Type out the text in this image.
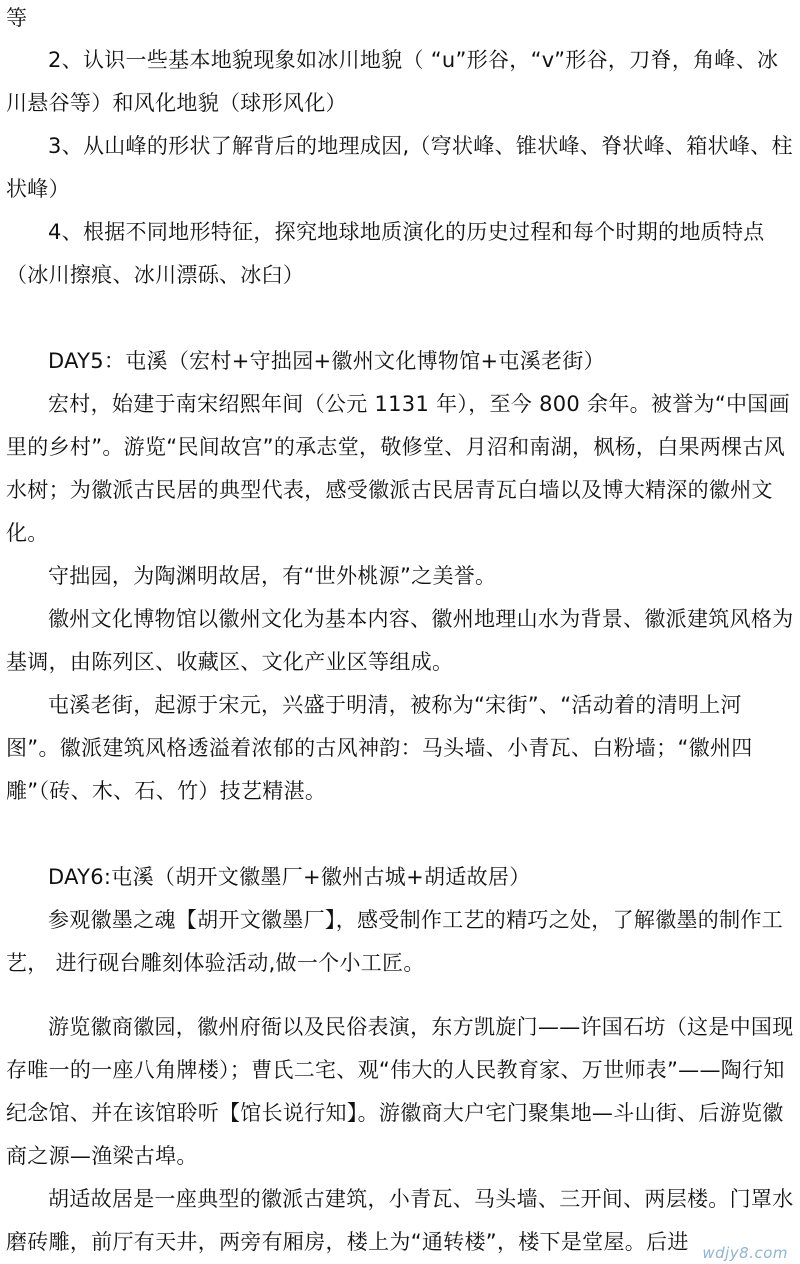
等

2、认识一些基本地貌现象如冰川地貌（ “u”形谷，“v”形谷，刀脊，角峰、冰川悬谷等）和风化地貌（球形风化）

3、从山峰的形状了解背后的地理成因,（穹状峰、锥状峰、脊状峰、箱状峰、柱状峰）

4、根据不同地形特征，探究地球地质演化的历史过程和每个时期的地质特点（冰川擦痕、冰川漂砾、冰臼）

DAY5：屯溪（宏村+守拙园+徽州文化博物馆+屯溪老街）

宏村，始建于南宋绍熙年间（公元 1131 年），至今 800 余年。被誉为“中国画里的乡村”。游览“民间故宫”的承志堂，敬修堂、月沼和南湖，枫杨，白果两棵古风水树；为徽派古民居的典型代表，感受徽派古民居青瓦白墙以及博大精深的徽州文化。

守拙园，为陶渊明故居，有“世外桃源”之美誉。

徽州文化博物馆以徽州文化为基本内容、徽州地理山水为背景、徽派建筑风格为基调，由陈列区、收藏区、文化产业区等组成。

屯溪老街，起源于宋元，兴盛于明清，被称为“宋街”、“活动着的清明上河图”。徽派建筑风格透溢着浓郁的古风神韵：马头墙、小青瓦、白粉墙；“徽州四雕”（砖、木、石、竹）技艺精湛。

DAY6:屯溪（胡开文徽墨厂+徽州古城+胡适故居）

参观徽墨之魂【胡开文徽墨厂】，感受制作工艺的精巧之处，了解徽墨的制作工艺， 进行砚台雕刻体验活动,做一个小工匠。

游览徽商徽园，徽州府衙以及民俗表演，东方凯旋门——许国石坊（这是中国现存唯一的一座八角牌楼）；曹氏二宅、观“伟大的人民教育家、万世师表”——陶行知纪念馆、并在该馆聆听【馆长说行知】。游徽商大户宅门聚集地—斗山街、后游览徽商之源—渔梁古埠。

胡适故居是一座典型的徽派古建筑，小青瓦、马头墙、三开间、两层楼。门罩水磨砖雕，前厅有天井，两旁有厢房，楼上为“通转楼”，楼下是堂屋。后进 wdjy8.com
